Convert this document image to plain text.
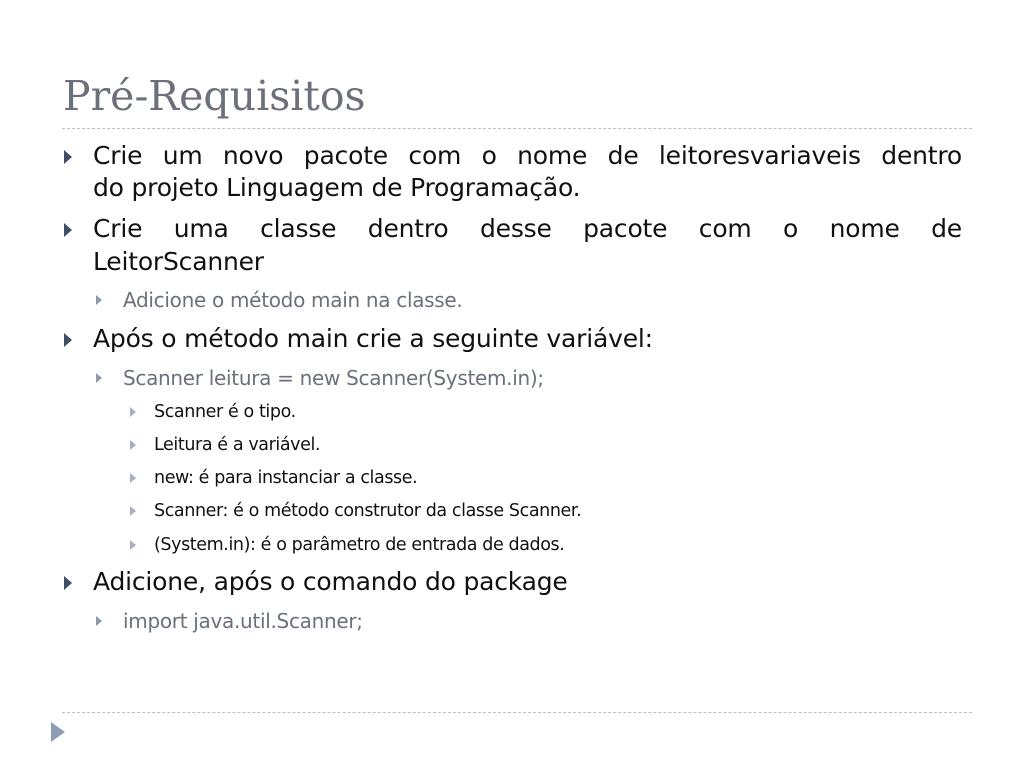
Pré-Requisitos
Crie um novo pacote com o nome de leitoresvariaveis dentro
do projeto Linguagem de Programação.
Crie uma classe dentro desse pacote com o nome de
LeitorScanner
Adicione o método main na classe.
Após o método main crie a seguinte variável:
Scanner leitura = new Scanner(System.in);
Scanner é o tipo.
Leitura é a variável.
new: é para instanciar a classe.
Scanner: é o método construtor da classe Scanner.
(System.in): é o parâmetro de entrada de dados.
Adicione, após o comando do package
import java.util.Scanner;
